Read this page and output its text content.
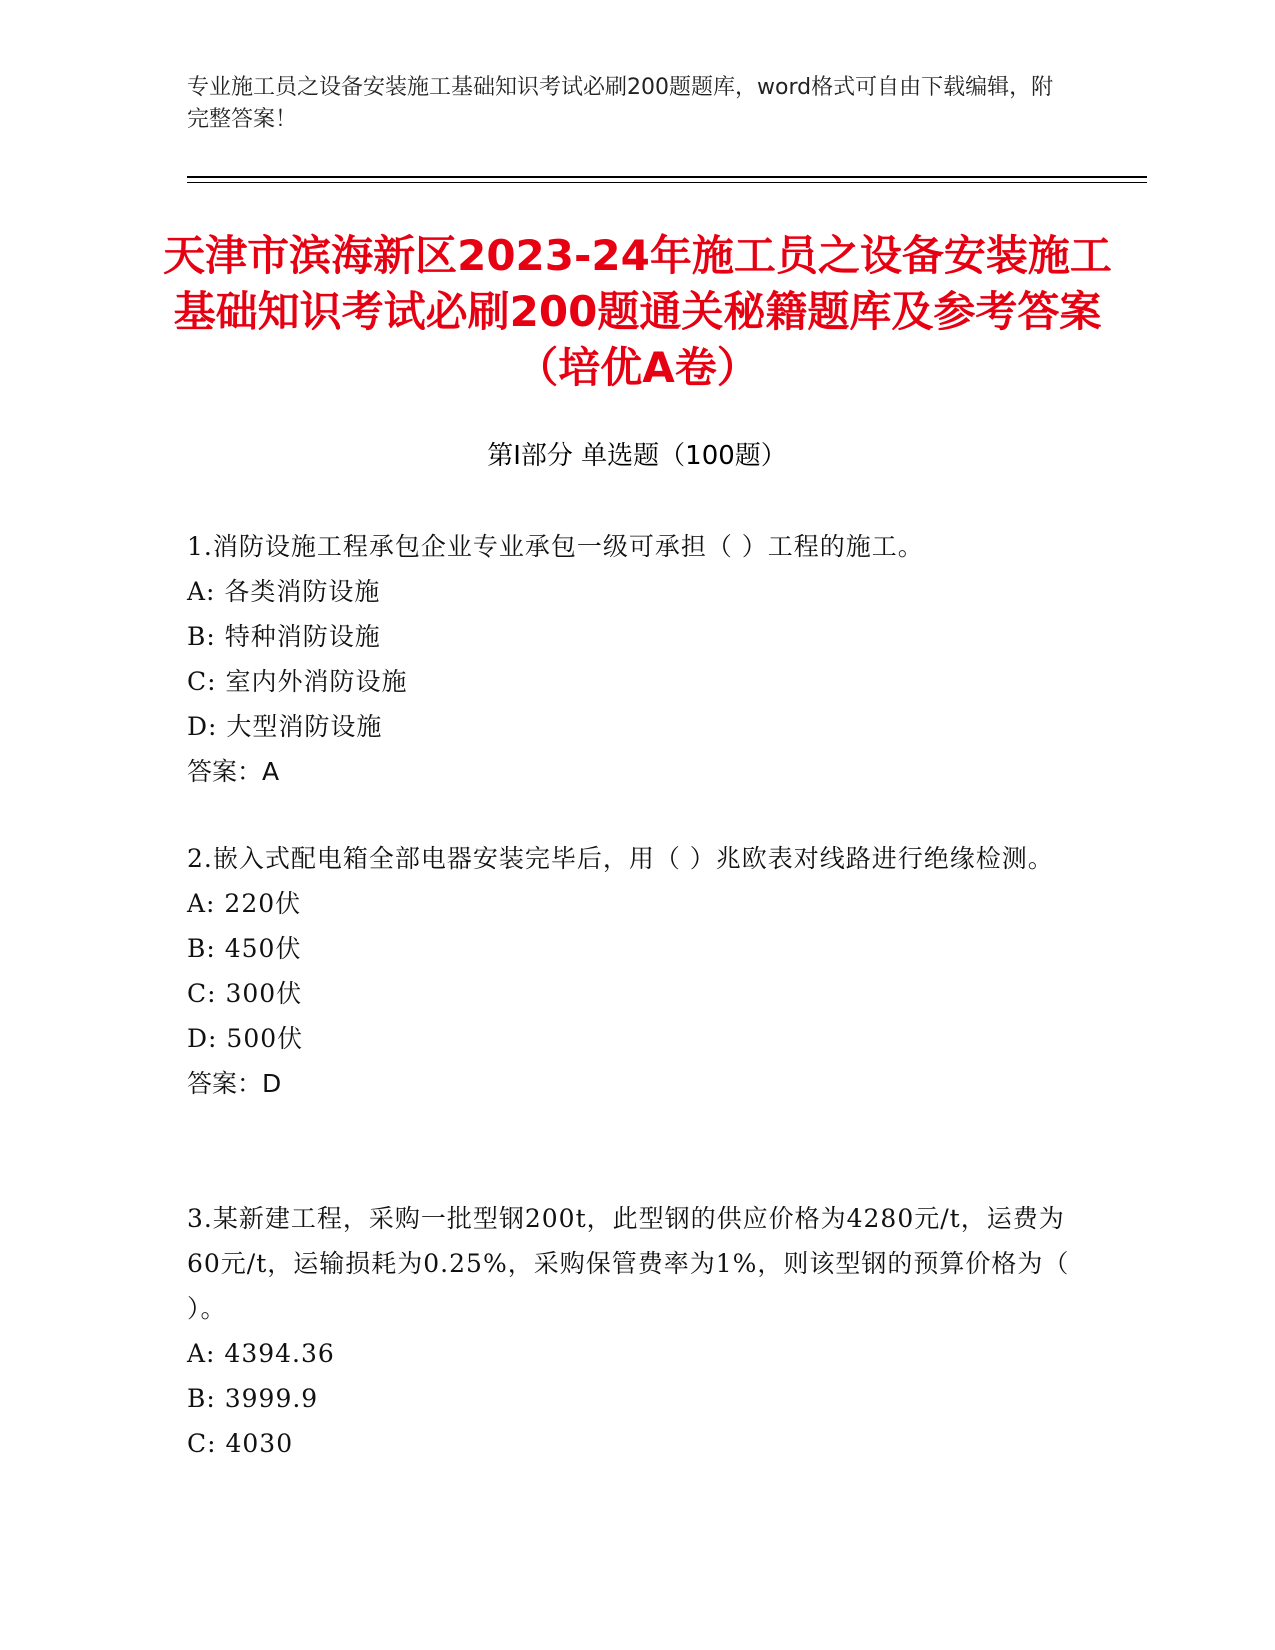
专业施工员之设备安装施工基础知识考试必刷200题题库，word格式可自由下载编辑，附完整答案！
天津市滨海新区2023-24年施工员之设备安装施工基础知识考试必刷200题通关秘籍题库及参考答案（培优A卷）
第Ⅰ部分 单选题（100题）
1.消防设施工程承包企业专业承包一级可承担（ ）工程的施工。
A: 各类消防设施
B: 特种消防设施
C: 室内外消防设施
D: 大型消防设施
答案：A
2.嵌入式配电箱全部电器安装完毕后，用（ ）兆欧表对线路进行绝缘检测。
A: 220伏
B: 450伏
C: 300伏
D: 500伏
答案：D
3.某新建工程，采购一批型钢200t，此型钢的供应价格为4280元/t，运费为60元/t，运输损耗为0.25%，采购保管费率为1%，则该型钢的预算价格为（ ）。
A: 4394.36
B: 3999.9
C: 4030
